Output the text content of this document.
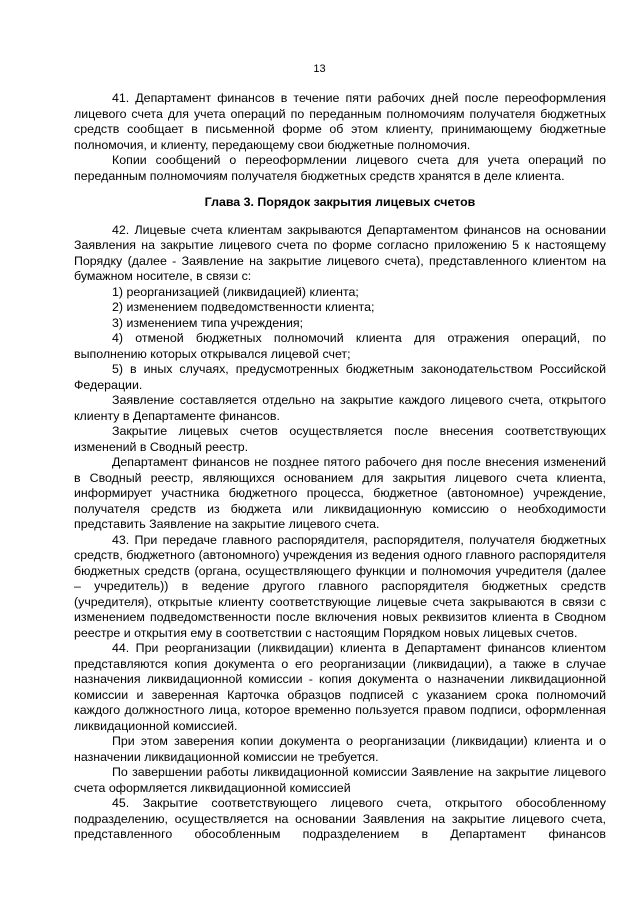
13

41. Департамент финансов в течение пяти рабочих дней после переоформления лицевого счета для учета операций по переданным полномочиям получателя бюджетных средств сообщает в письменной форме об этом клиенту, принимающему бюджетные полномочия, и клиенту, передающему свои бюджетные полномочия.

Копии сообщений о переоформлении лицевого счета для учета операций по переданным полномочиям получателя бюджетных средств хранятся в деле клиента.

Глава 3. Порядок закрытия лицевых счетов

42. Лицевые счета клиентам закрываются Департаментом финансов на основании Заявления на закрытие лицевого счета по форме согласно приложению 5 к настоящему Порядку (далее - Заявление на закрытие лицевого счета), представленного клиентом на бумажном носителе, в связи с:

1) реорганизацией (ликвидацией) клиента;

2) изменением подведомственности клиента;

3) изменением типа учреждения;

4) отменой бюджетных полномочий клиента для отражения операций, по выполнению которых открывался лицевой счет;

5) в иных случаях, предусмотренных бюджетным законодательством Российской Федерации.

Заявление составляется отдельно на закрытие каждого лицевого счета, открытого клиенту в Департаменте финансов.

Закрытие лицевых счетов осуществляется после внесения соответствующих изменений в Сводный реестр.

Департамент финансов не позднее пятого рабочего дня после внесения изменений в Сводный реестр, являющихся основанием для закрытия лицевого счета клиента, информирует участника бюджетного процесса, бюджетное (автономное) учреждение, получателя средств из бюджета или ликвидационную комиссию о необходимости представить Заявление на закрытие лицевого счета.

43. При передаче главного распорядителя, распорядителя, получателя бюджетных средств, бюджетного (автономного) учреждения из ведения одного главного распорядителя бюджетных средств (органа, осуществляющего функции и полномочия учредителя (далее – учредитель)) в ведение другого главного распорядителя бюджетных средств (учредителя), открытые клиенту соответствующие лицевые счета закрываются в связи с изменением подведомственности после включения новых реквизитов клиента в Сводном реестре и открытия ему в соответствии с настоящим Порядком новых лицевых счетов.

44. При реорганизации (ликвидации) клиента в Департамент финансов клиентом представляются копия документа о его реорганизации (ликвидации), а также в случае назначения ликвидационной комиссии - копия документа о назначении ликвидационной комиссии и заверенная Карточка образцов подписей с указанием срока полномочий каждого должностного лица, которое временно пользуется правом подписи, оформленная ликвидационной комиссией.

При этом заверения копии документа о реорганизации (ликвидации) клиента и о назначении ликвидационной комиссии не требуется.

По завершении работы ликвидационной комиссии Заявление на закрытие лицевого счета оформляется ликвидационной комиссией

45. Закрытие соответствующего лицевого счета, открытого обособленному подразделению, осуществляется на основании Заявления на закрытие лицевого счета, представленного обособленным подразделением в Департамент финансов
